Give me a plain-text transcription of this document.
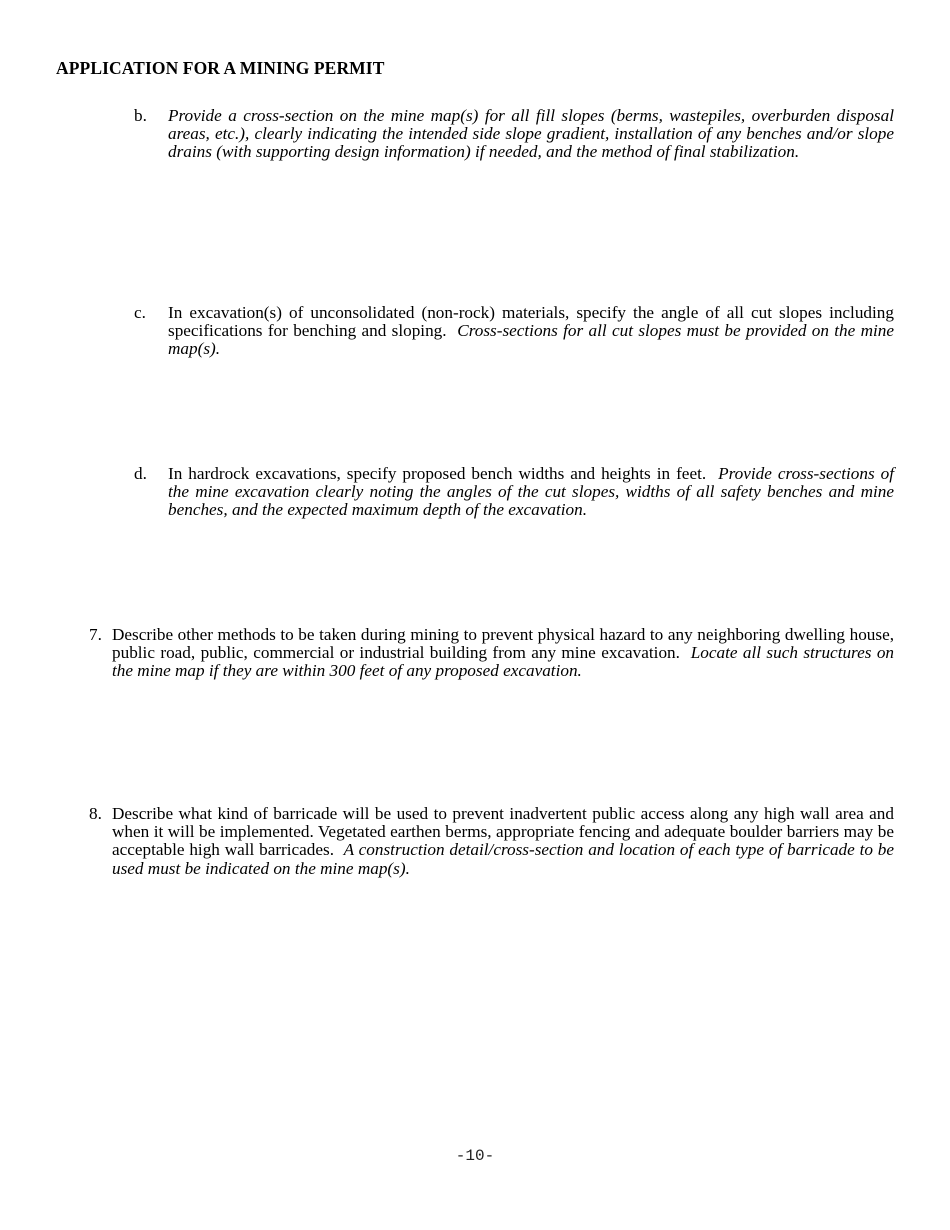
APPLICATION FOR A MINING PERMIT
b. Provide a cross-section on the mine map(s) for all fill slopes (berms, wastepiles, overburden disposal areas, etc.), clearly indicating the intended side slope gradient, installation of any benches and/or slope drains (with supporting design information) if needed, and the method of final stabilization.
c. In excavation(s) of unconsolidated (non-rock) materials, specify the angle of all cut slopes including specifications for benching and sloping. Cross-sections for all cut slopes must be provided on the mine map(s).
d. In hardrock excavations, specify proposed bench widths and heights in feet. Provide cross-sections of the mine excavation clearly noting the angles of the cut slopes, widths of all safety benches and mine benches, and the expected maximum depth of the excavation.
7. Describe other methods to be taken during mining to prevent physical hazard to any neighboring dwelling house, public road, public, commercial or industrial building from any mine excavation. Locate all such structures on the mine map if they are within 300 feet of any proposed excavation.
8. Describe what kind of barricade will be used to prevent inadvertent public access along any high wall area and when it will be implemented. Vegetated earthen berms, appropriate fencing and adequate boulder barriers may be acceptable high wall barricades. A construction detail/cross-section and location of each type of barricade to be used must be indicated on the mine map(s).
-10-
